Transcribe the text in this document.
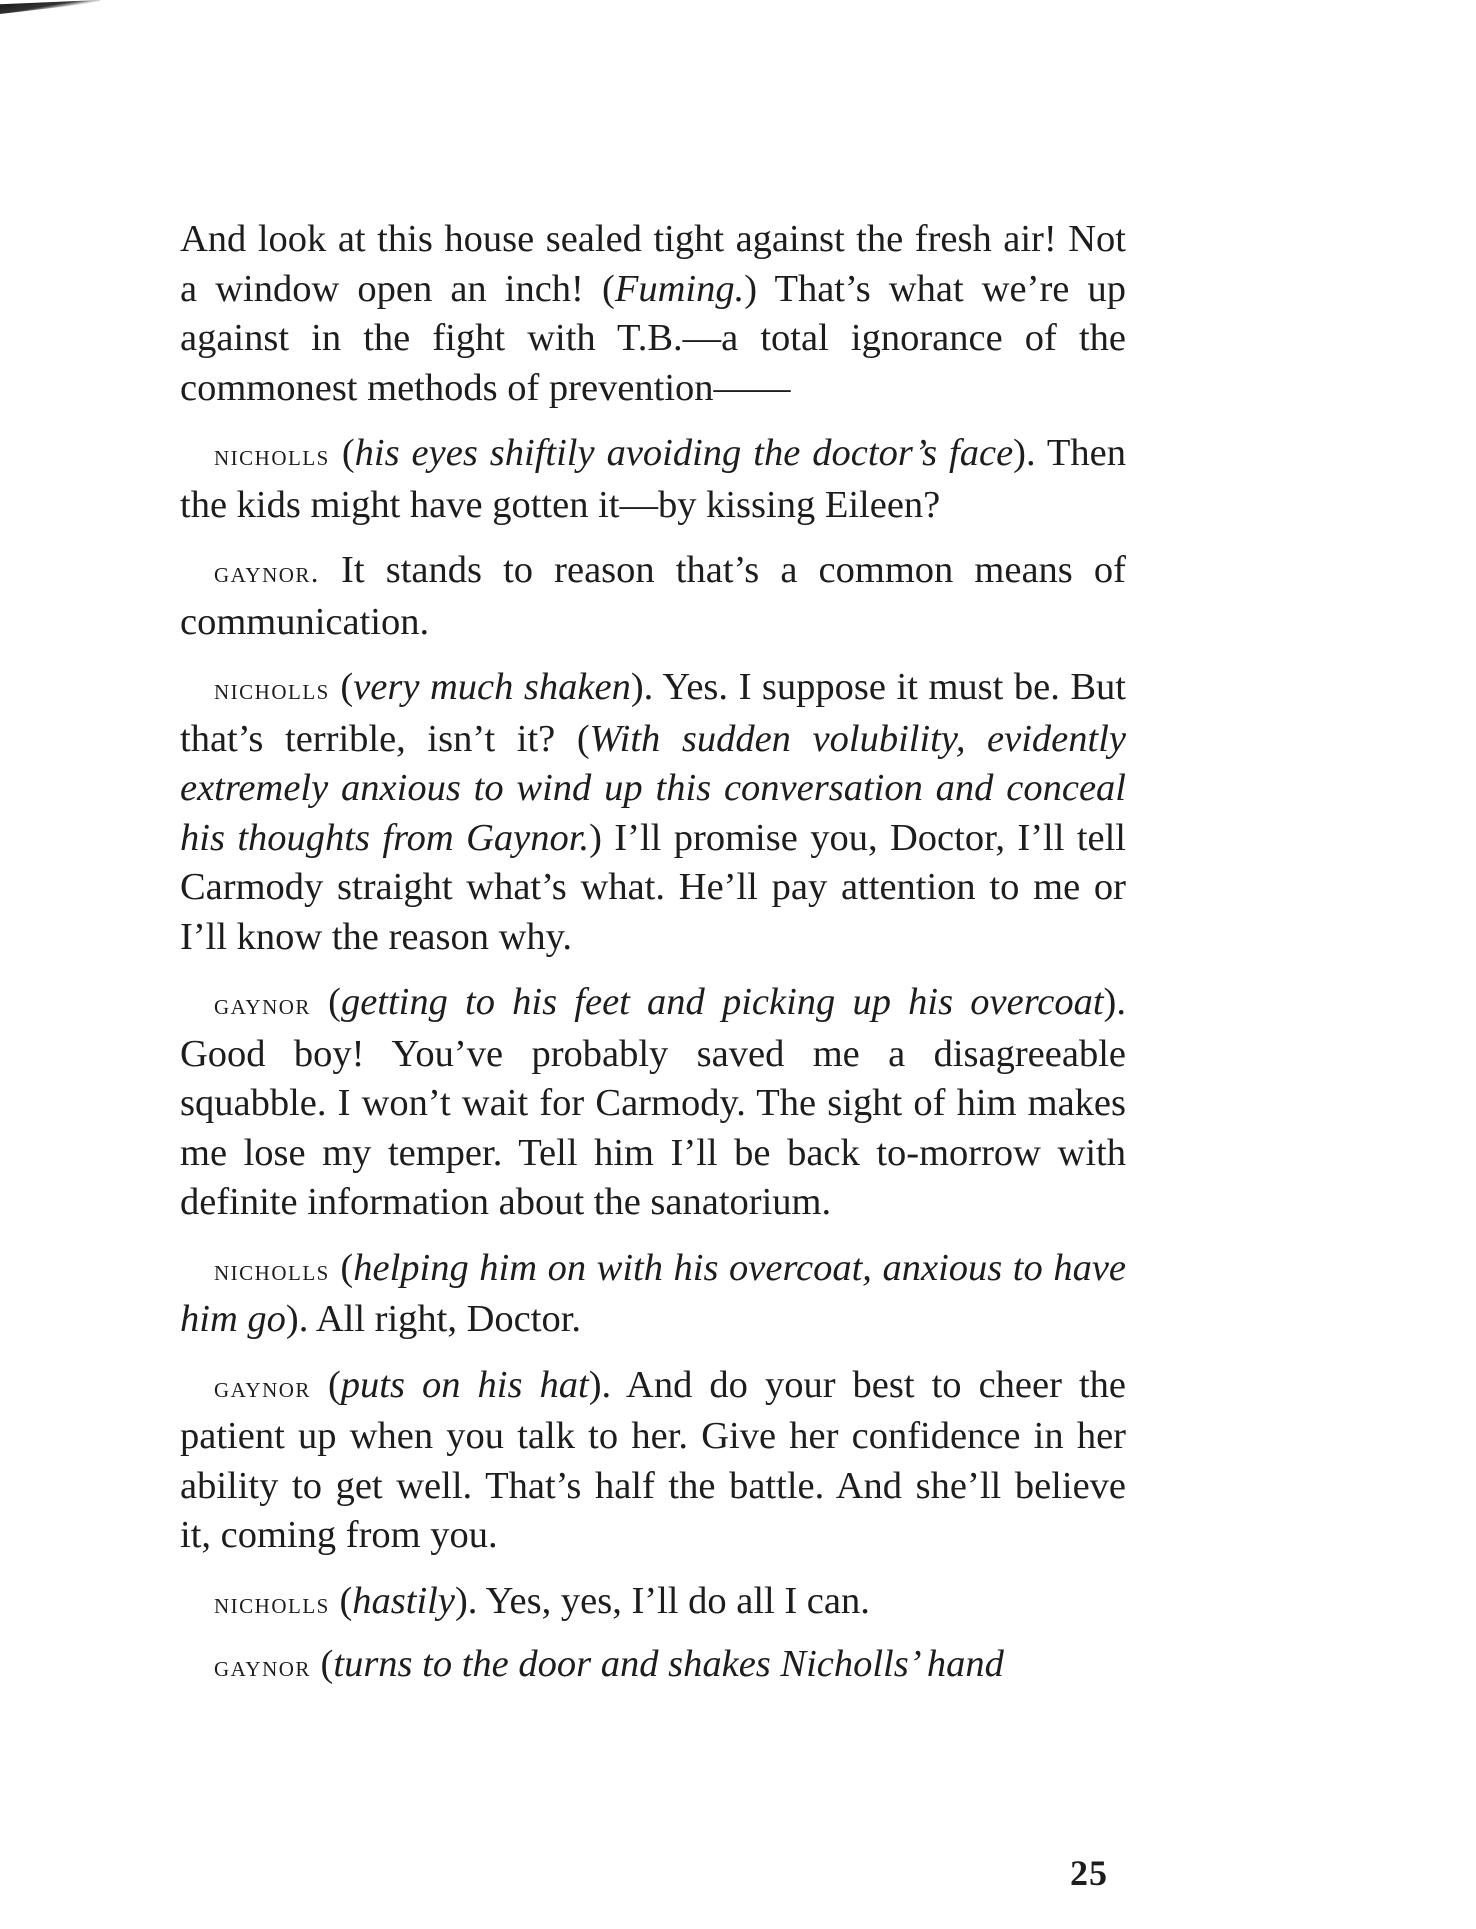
And look at this house sealed tight against the fresh air! Not a window open an inch! (Fuming.) That’s what we’re up against in the fight with T.B.—a total ignorance of the commonest methods of prevention——

nicholls (his eyes shiftily avoiding the doctor’s face). Then the kids might have gotten it—by kissing Eileen?

gaynor. It stands to reason that’s a common means of communication.

nicholls (very much shaken). Yes. I suppose it must be. But that’s terrible, isn’t it? (With sudden volubility, evidently extremely anxious to wind up this conversation and conceal his thoughts from Gaynor.) I’ll promise you, Doctor, I’ll tell Carmody straight what’s what. He’ll pay attention to me or I’ll know the reason why.

gaynor (getting to his feet and picking up his overcoat). Good boy! You’ve probably saved me a disagreeable squabble. I won’t wait for Carmody. The sight of him makes me lose my temper. Tell him I’ll be back to-morrow with definite information about the sanatorium.

nicholls (helping him on with his overcoat, anxious to have him go). All right, Doctor.

gaynor (puts on his hat). And do your best to cheer the patient up when you talk to her. Give her confidence in her ability to get well. That’s half the battle. And she’ll believe it, coming from you.

nicholls (hastily). Yes, yes, I’ll do all I can.

gaynor (turns to the door and shakes Nicholls’ hand

25
